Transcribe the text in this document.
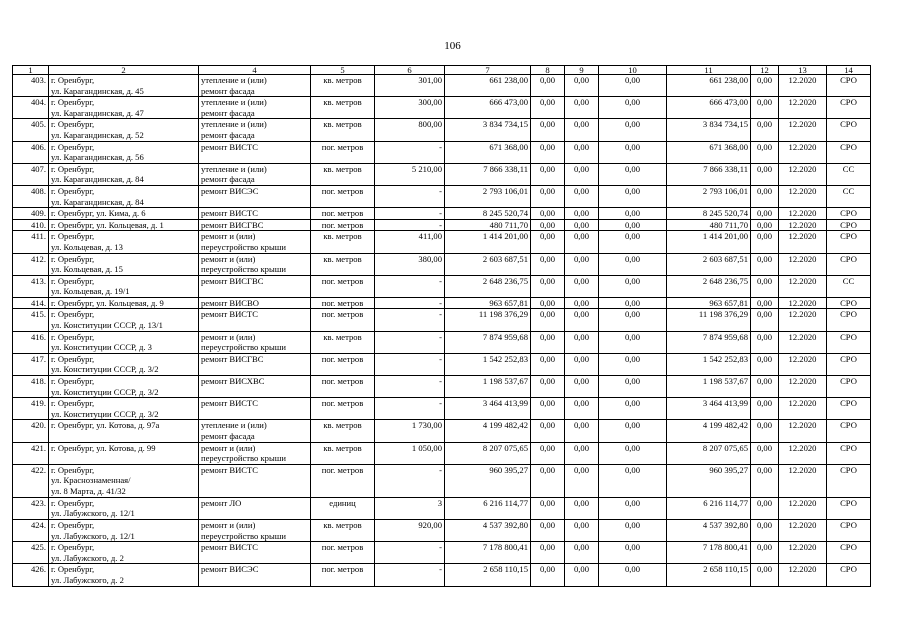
106
1	2	4	5	6	7	8	9	10	11	12	13	14
403.	г. Оренбург,
ул. Карагандинская, д. 45	утепление и (или)
ремонт фасада	кв. метров	301,00	661 238,00	0,00	0,00	0,00	661 238,00	0,00	12.2020	СРО
404.	г. Оренбург,
ул. Карагандинская, д. 47	утепление и (или)
ремонт фасада	кв. метров	300,00	666 473,00	0,00	0,00	0,00	666 473,00	0,00	12.2020	СРО
405.	г. Оренбург,
ул. Карагандинская, д. 52	утепление и (или)
ремонт фасада	кв. метров	800,00	3 834 734,15	0,00	0,00	0,00	3 834 734,15	0,00	12.2020	СРО
406.	г. Оренбург,
ул. Карагандинская, д. 56	ремонт ВИСТС	пог. метров	-	671 368,00	0,00	0,00	0,00	671 368,00	0,00	12.2020	СРО
407.	г. Оренбург,
ул. Карагандинская, д. 84	утепление и (или)
ремонт фасада	кв. метров	5 210,00	7 866 338,11	0,00	0,00	0,00	7 866 338,11	0,00	12.2020	СС
408.	г. Оренбург,
ул. Карагандинская, д. 84	ремонт ВИСЭС	пог. метров	-	2 793 106,01	0,00	0,00	0,00	2 793 106,01	0,00	12.2020	СС
409.	г. Оренбург, ул. Кима, д. 6	ремонт ВИСТС	пог. метров	-	8 245 520,74	0,00	0,00	0,00	8 245 520,74	0,00	12.2020	СРО
410.	г. Оренбург, ул. Кольцевая, д. 1	ремонт ВИСГВС	пог. метров	-	480 711,70	0,00	0,00	0,00	480 711,70	0,00	12.2020	СРО
411.	г. Оренбург,
ул. Кольцевая, д. 13	ремонт и (или)
переустройство крыши	кв. метров	411,00	1 414 201,00	0,00	0,00	0,00	1 414 201,00	0,00	12.2020	СРО
412.	г. Оренбург,
ул. Кольцевая, д. 15	ремонт и (или)
переустройство крыши	кв. метров	380,00	2 603 687,51	0,00	0,00	0,00	2 603 687,51	0,00	12.2020	СРО
413.	г. Оренбург,
ул. Кольцевая, д. 19/1	ремонт ВИСГВС	пог. метров	-	2 648 236,75	0,00	0,00	0,00	2 648 236,75	0,00	12.2020	СС
414.	г. Оренбург, ул. Кольцевая, д. 9	ремонт ВИСВО	пог. метров	-	963 657,81	0,00	0,00	0,00	963 657,81	0,00	12.2020	СРО
415.	г. Оренбург,
ул. Конституции СССР, д. 13/1	ремонт ВИСТС	пог. метров	-	11 198 376,29	0,00	0,00	0,00	11 198 376,29	0,00	12.2020	СРО
416.	г. Оренбург,
ул. Конституции СССР, д. 3	ремонт и (или)
переустройство крыши	кв. метров	-	7 874 959,68	0,00	0,00	0,00	7 874 959,68	0,00	12.2020	СРО
417.	г. Оренбург,
ул. Конституции СССР, д. 3/2	ремонт ВИСГВС	пог. метров	-	1 542 252,83	0,00	0,00	0,00	1 542 252,83	0,00	12.2020	СРО
418.	г. Оренбург,
ул. Конституции СССР, д. 3/2	ремонт ВИСХВС	пог. метров	-	1 198 537,67	0,00	0,00	0,00	1 198 537,67	0,00	12.2020	СРО
419.	г. Оренбург,
ул. Конституции СССР, д. 3/2	ремонт ВИСТС	пог. метров	-	3 464 413,99	0,00	0,00	0,00	3 464 413,99	0,00	12.2020	СРО
420.	г. Оренбург, ул. Котова, д. 97а	утепление и (или)
ремонт фасада	кв. метров	1 730,00	4 199 482,42	0,00	0,00	0,00	4 199 482,42	0,00	12.2020	СРО
421.	г. Оренбург, ул. Котова, д. 99	ремонт и (или)
переустройство крыши	кв. метров	1 050,00	8 207 075,65	0,00	0,00	0,00	8 207 075,65	0,00	12.2020	СРО
422.	г. Оренбург,
ул. Краснознаменная/
ул. 8 Марта, д. 41/32	ремонт ВИСТС	пог. метров	-	960 395,27	0,00	0,00	0,00	960 395,27	0,00	12.2020	СРО
423.	г. Оренбург,
ул. Лабужского, д. 12/1	ремонт ЛО	единиц	3	6 216 114,77	0,00	0,00	0,00	6 216 114,77	0,00	12.2020	СРО
424.	г. Оренбург,
ул. Лабужского, д. 12/1	ремонт и (или)
переустройство крыши	кв. метров	920,00	4 537 392,80	0,00	0,00	0,00	4 537 392,80	0,00	12.2020	СРО
425.	г. Оренбург,
ул. Лабужского, д. 2	ремонт ВИСТС	пог. метров	-	7 178 800,41	0,00	0,00	0,00	7 178 800,41	0,00	12.2020	СРО
426.	г. Оренбург,
ул. Лабужского, д. 2	ремонт ВИСЭС	пог. метров	-	2 658 110,15	0,00	0,00	0,00	2 658 110,15	0,00	12.2020	СРО
